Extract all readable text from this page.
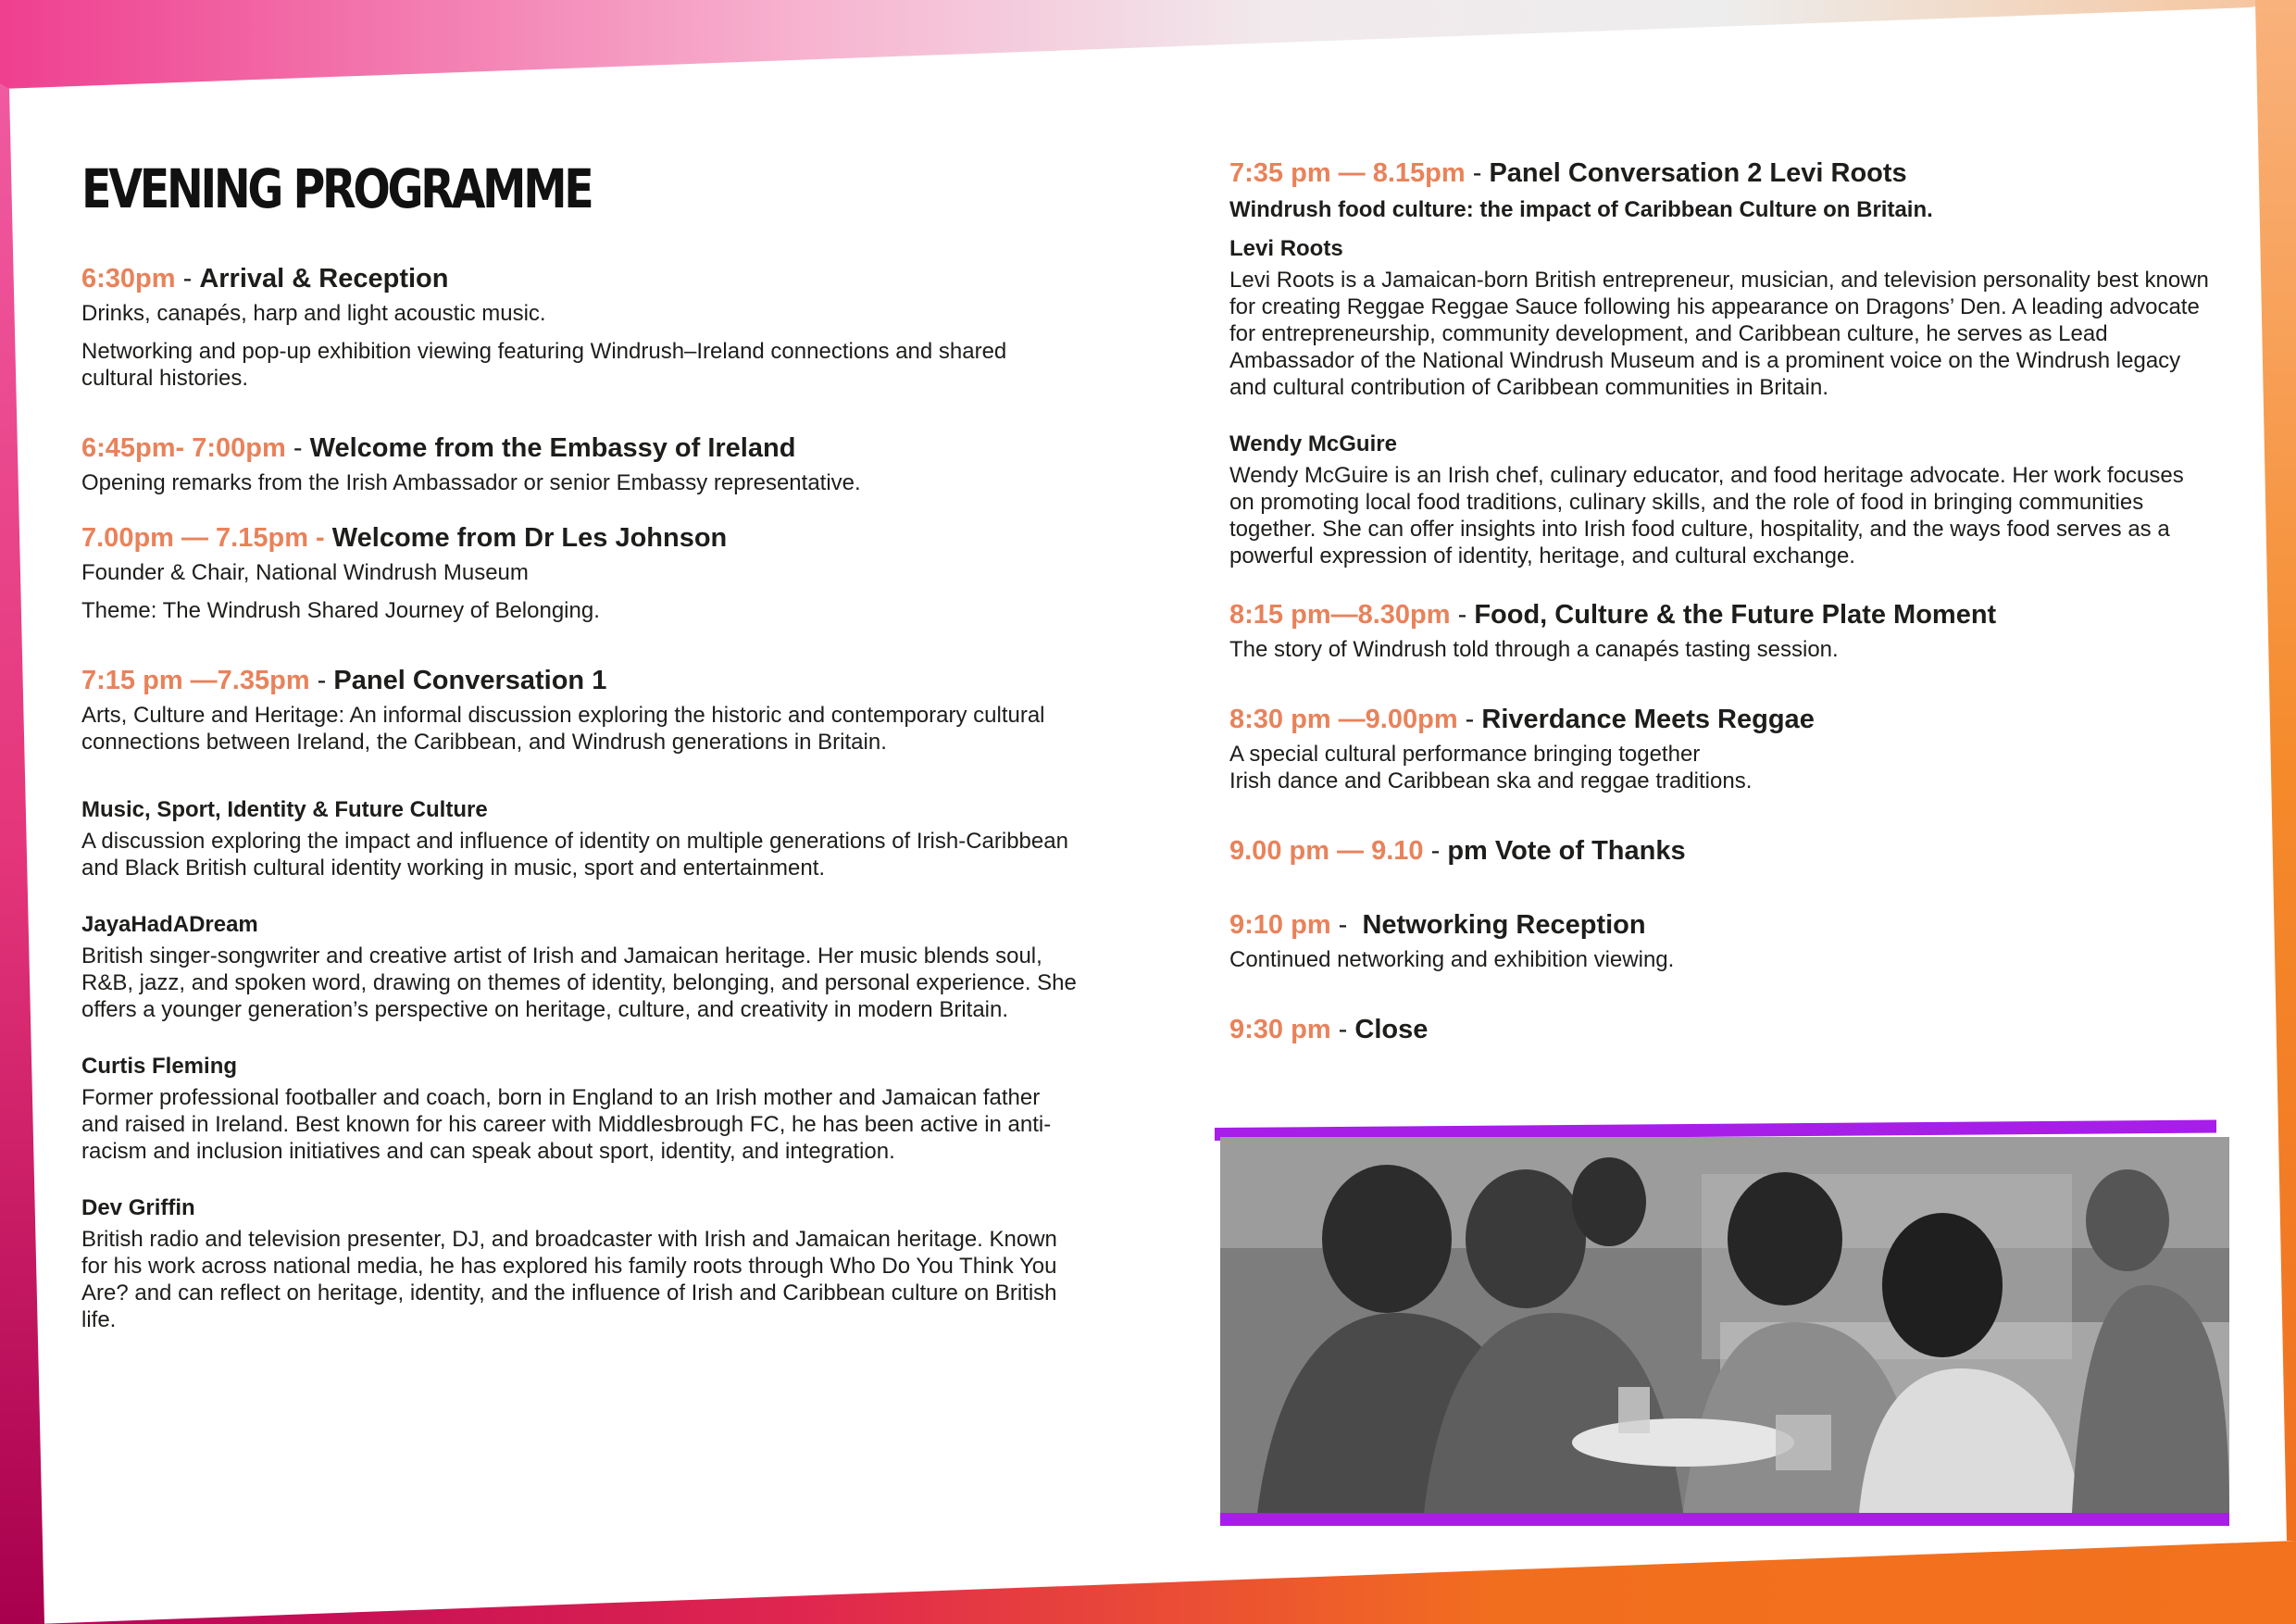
EVENING PROGRAMME
6:30pm - Arrival & Reception

Drinks, canapés, harp and light acoustic music.

Networking and pop-up exhibition viewing featuring Windrush–Ireland connections and shared cultural histories.

6:45pm- 7:00pm - Welcome from the Embassy of Ireland

Opening remarks from the Irish Ambassador or senior Embassy representative.

7.00pm — 7.15pm - Welcome from Dr Les Johnson

Founder & Chair, National Windrush Museum

Theme: The Windrush Shared Journey of Belonging.

7:15 pm —7.35pm - Panel Conversation 1

Arts, Culture and Heritage: An informal discussion exploring the historic and contemporary cultural connections between Ireland, the Caribbean, and Windrush generations in Britain.

Music, Sport, Identity & Future Culture

A discussion exploring the impact and influence of identity on multiple generations of Irish-Caribbean and Black British cultural identity working in music, sport and entertainment.

JayaHadADream

British singer-songwriter and creative artist of Irish and Jamaican heritage. Her music blends soul, R&B, jazz, and spoken word, drawing on themes of identity, belonging, and personal experience. She offers a younger generation’s perspective on heritage, culture, and creativity in modern Britain.

Curtis Fleming

Former professional footballer and coach, born in England to an Irish mother and Jamaican father and raised in Ireland. Best known for his career with Middlesbrough FC, he has been active in anti-racism and inclusion initiatives and can speak about sport, identity, and integration.

Dev Griffin

British radio and television presenter, DJ, and broadcaster with Irish and Jamaican heritage. Known for his work across national media, he has explored his family roots through Who Do You Think You Are? and can reflect on heritage, identity, and the influence of Irish and Caribbean culture on British life.

7:35 pm — 8.15pm - Panel Conversation 2 Levi Roots
Windrush food culture: the impact of Caribbean Culture on Britain.
Levi Roots

Levi Roots is a Jamaican-born British entrepreneur, musician, and television personality best known for creating Reggae Reggae Sauce following his appearance on Dragons’ Den. A leading advocate for entrepreneurship, community development, and Caribbean culture, he serves as Lead Ambassador of the National Windrush Museum and is a prominent voice on the Windrush legacy and cultural contribution of Caribbean communities in Britain.

Wendy McGuire

Wendy McGuire is an Irish chef, culinary educator, and food heritage advocate. Her work focuses on promoting local food traditions, culinary skills, and the role of food in bringing communities together. She can offer insights into Irish food culture, hospitality, and the ways food serves as a powerful expression of identity, heritage, and cultural exchange.

8:15 pm—8.30pm - Food, Culture & the Future Plate Moment

The story of Windrush told through a canapés tasting session.

8:30 pm —9.00pm - Riverdance Meets Reggae

A special cultural performance bringing together

Irish dance and Caribbean ska and reggae traditions.

9.00 pm — 9.10 - pm Vote of Thanks
9:10 pm -  Networking Reception

Continued networking and exhibition viewing.

9:30 pm - Close
